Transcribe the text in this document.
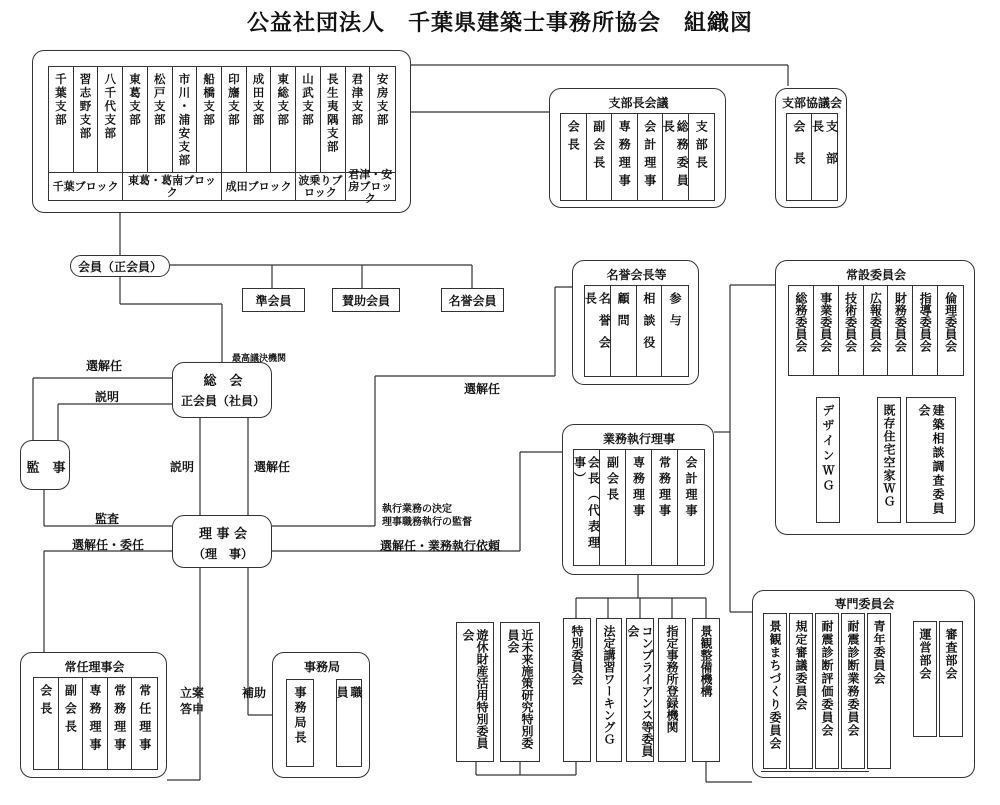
公益社団法人　千葉県建築士事務所協会　組織図
千葉支部 習志野支部 八千代支部 東葛支部 松戸支部 市川・浦安支部 船橋支部 印旛支部 成田支部 東総支部 山武支部 長生夷隅支部 君津支部 安房支部
千葉ブロック 東葛・葛南ブロック	成田ブロック 波乗りブロック
君津・安房ブロック
支部長会議
会長 副会長 専務理事 会計理事	総務委員長	支部長
支部協議会
会長	支部長
会員（正会員）
準会員	賛助会員	名誉会員
名誉会長等
名誉会長	顧問 相談役 参与
常設委員会
総務委員会 事業委員会 技術委員会 広報委員会 財務委員会 指導委員会 倫理委員会
デザインＷＧ	既存住宅空家ＷＧ	建築相談調査委員会
総　会
正会員（社員）
最高議決機関
監　事
理 事 会
（理　事）
選解任
説明
説明	選解任
監査
選解任・委任
選解任
執行業務の決定
理事職務執行の監督
選解任・業務執行依頼
立案
答申
補助
業務執行理事
会長（代表理事）	副会長 専務理事 常務理事 会計理事
常任理事会
会長 副会長 専務理事 常務理事 常任理事
事務局
事務局長	職員	遊休財産活用特別委員会	近未来施策研究特別委員会	特別委員会 法定講習ワーキングＧ	コンプライアンス等委員会	指定事務所登録機関 景観整備機構
専門委員会
景観まちづくり委員会 規定審議委員会 耐震診断評価委員会 耐震診断業務委員会 青年委員会	運営部会 審査部会
